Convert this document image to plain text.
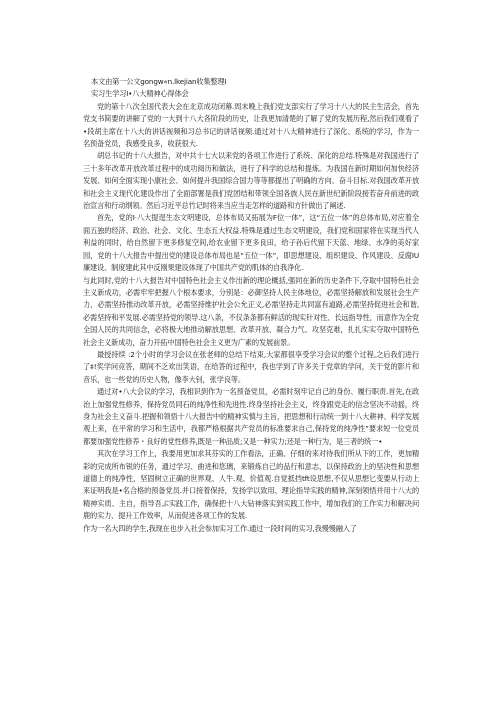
本文由第一公文gongw«n.lkejian收集整理I

实习生学习I•八大精神心得体会

党的第十八次全国代表大会在北京成功闭幕.周末晚上我们党支部实行了学习十八大的民主生活会，首先党支书简要的讲解了党的一大到十八大各阶段的历史，让我更加清楚的了解了党的发展历程,然后我们观看了•段胡主席在十八大的讲话视频和习总书记的讲话视频.通过对十八大精神进行了深化、系统的学习，作为一名预备党员，我感受良多，收获很大.

胡总书记的十八大报告，对中共十七大以来党的各项工作进行了系统、深化的总结.特殊是对我国进行了三十多年改革开放改革过程中的成功阅历和做法，进行了科学的总结和提炼。为我国在新时期如何加快经济发展、如何全面实现小康社会、如何提升我国综合国力等等都提出了明确的方向、奋斗目标.对我国改革开放和社会主义现代化建设作出了全面部署是我们党团结和带领全国各族人民在新世纪新阶段接若奋舟前进的政治宣言和行动纲领。然后习近平总竹记时将来当应当走怎样的道路和方针做出了阐述.

首先，党的I·八大提逞生态文明建设，总体布局又拓展为F位一体”，这“五位一体”的总体布局,对应着全面五独的经济、政治、社会、文化、生态五大权益.特殊是通过生态文明建设，我们党和国家将在实现当代人利益的同时，给自然留下更多修复空间,给农业留下更多良田，给子孙后代留下天蓝、地绿、水净的美好家园，党的十八大报告中提出党的建设总体布局也是“五位一体”，即思想建设、组织建设、作风建设、反腐IU廉建设、制度建此其中反刚果建设体现了中国共产党的肌体的自我净化.

与此同时,党的十八大报告对中国特色社会主义作出新的理论概括,强同在新的历史条件下,夺取中国特色社会主义新成功，必需牢牢把握八个根本要求，分别是：必御坚持人民主体地位，必需坚持解放和发展社会生产力，必需坚持推动改革开放，必需坚持维护社会公允正义,必需坚持走共同富有道路,必需坚持促进社会和谐,必需坚持和平发展.必需坚持党的领导.这八条，不仅条条都有鲜活的现实针对性、长远指导性，而意作为全党全国人民的共同信念，必将极大地推动解放思想、改革开放、凝合力气、攻坚克难，扎扎实实夺取中国特色社会主义新成功，奋力开拓中国特色社会主义更为广素的发展前景。

最授持续 :2个小时的学习会议在张老师的总结下结束,大家都很享受学习会议的整个过程,之后我们进行了‡!奖学问竞答，期间不乏欢出笑语，在给答的过程中，我也学到了许多关于党章的学问，关于党的影片和音乐，也一些党的历史人物，像李大钊，张学良等。

通过对•八大会议的学习，我相识到作为一名预备党员，必需时刻牢记自己的身份、履行职责.首先,在政治上加强党性修养，保持党员同石的纯净性和先进性.终身坚持社会主义，终身跟党走的信念坚决不动摇，终身为社会主义奋斗.把握和领悟十八大报告中的精神实慎与主旨，把思想和行动统一到十八大耕神、科学发展观上来，在平常的学习和生活中，我都严格根据共产党员的标准要求自己,保持党的纯净性”要求短一位党员都要加强党性修养・良好的党性修养,既是一种品质;又是一种实力;还是一种行为，是三者的统一•

其次在学习工作上，我要用更加求其芬实的工作看法，正确、仔细的来对待我们所从下的工作，更加精彩的完成所布锐的任务，通过学习、曲进和您璃，来锻炼自己的品行和意志，以保持政治上的坚决性和思想道德上的纯净性，坚固树立正确的世界观、人牛.观、价值观.自觉抵挡tft设思想,不仅从思想匕变要从行动上来证明我是•名合格的预备党员.并口接着保持，发扬学以致用、理论指导实践的精神,深刻领悟并用十八大的精神实质、主自，指导吾ぶ实践工作，确保把十八大钻神落实到实践工作中，增加我们的工作实力和解决问鹿的实力、提升工作效率，从而促进各项工作的发展.

作为一名大四的学生,我现在也步入社会参加实习工作.通过一段时间的实习,我慢慢融入了
